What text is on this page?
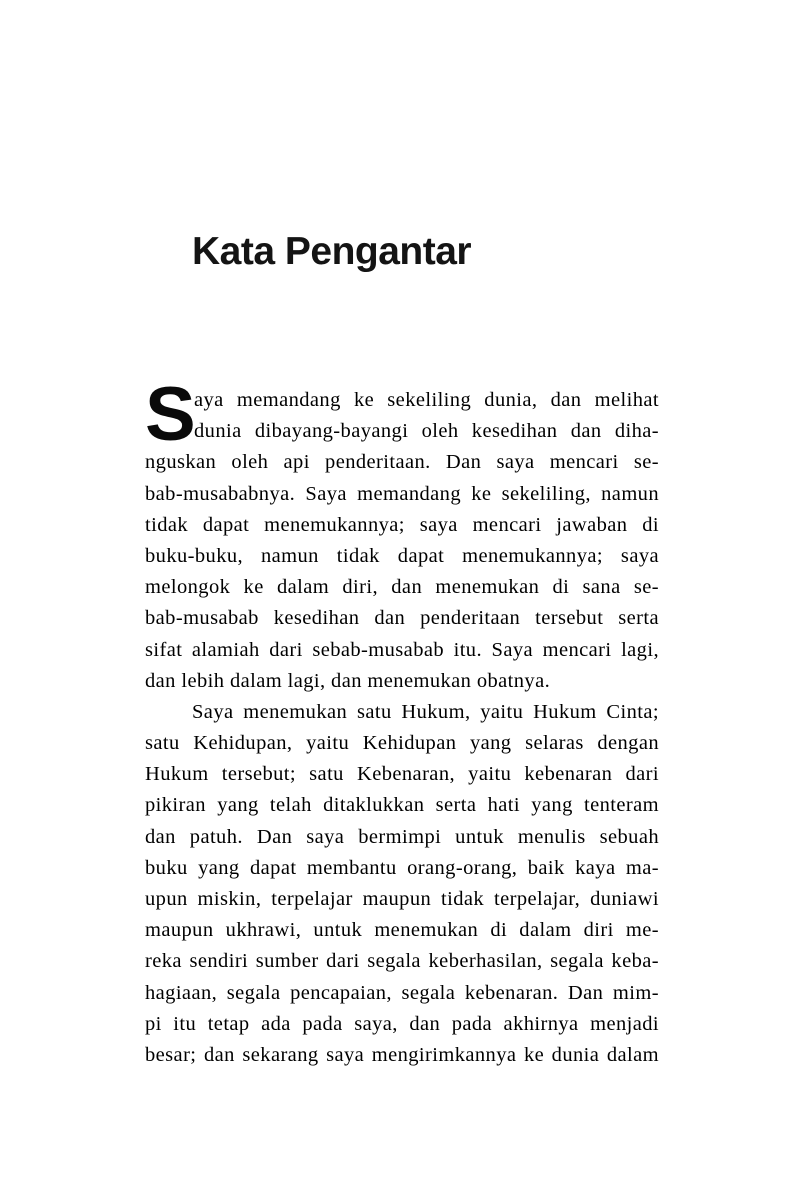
Kata Pengantar
S
aya memandang ke sekeliling dunia, dan melihat
dunia dibayang-bayangi oleh kesedihan dan diha-
nguskan oleh api penderitaan. Dan saya mencari se-
bab-musababnya. Saya memandang ke sekeliling, namun
tidak dapat menemukannya; saya mencari jawaban di
buku-buku, namun tidak dapat menemukannya; saya
melongok ke dalam diri, dan menemukan di sana se-
bab-musabab kesedihan dan penderitaan tersebut serta
sifat alamiah dari sebab-musabab itu. Saya mencari lagi,
dan lebih dalam lagi, dan menemukan obatnya.
Saya menemukan satu Hukum, yaitu Hukum Cinta;
satu Kehidupan, yaitu Kehidupan yang selaras dengan
Hukum tersebut; satu Kebenaran, yaitu kebenaran dari
pikiran yang telah ditaklukkan serta hati yang tenteram
dan patuh. Dan saya bermimpi untuk menulis sebuah
buku yang dapat membantu orang-orang, baik kaya ma-
upun miskin, terpelajar maupun tidak terpelajar, duniawi
maupun ukhrawi, untuk menemukan di dalam diri me-
reka sendiri sumber dari segala keberhasilan, segala keba-
hagiaan, segala pencapaian, segala kebenaran. Dan mim-
pi itu tetap ada pada saya, dan pada akhirnya menjadi
besar; dan sekarang saya mengirimkannya ke dunia dalam
